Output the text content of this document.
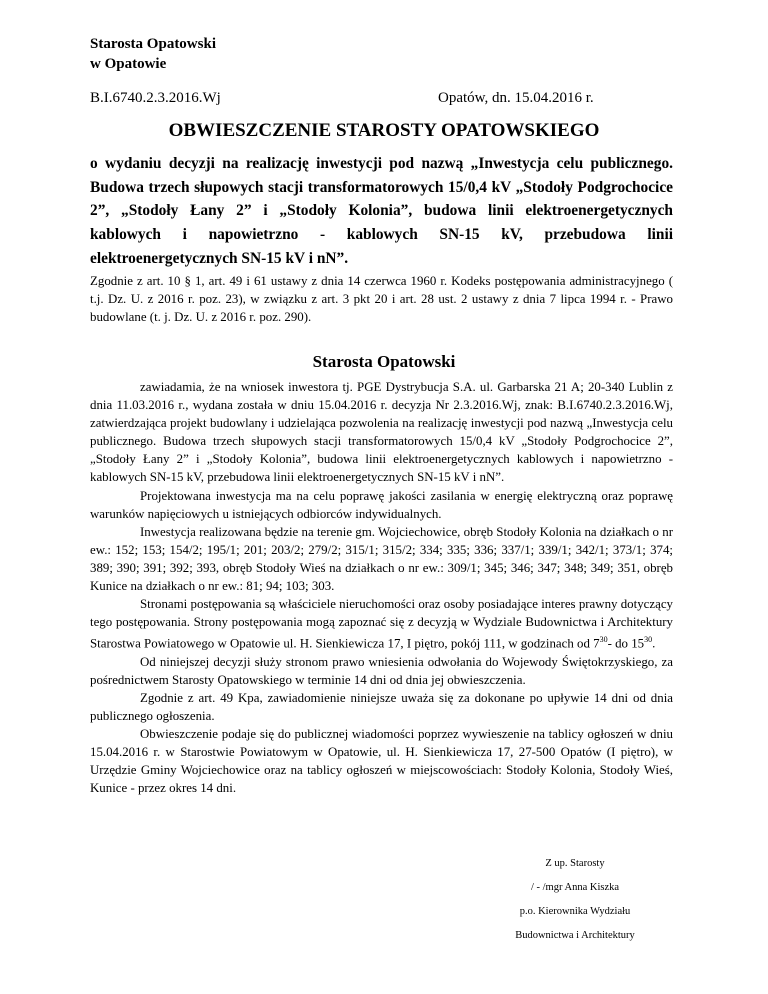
Starosta Opatowski
w Opatowie
B.I.6740.2.3.2016.Wj	Opatów, dn. 15.04.2016 r.
OBWIESZCZENIE STAROSTY OPATOWSKIEGO
o wydaniu decyzji na realizację inwestycji pod nazwą „Inwestycja celu publicznego. Budowa trzech słupowych stacji transformatorowych 15/0,4 kV „Stodoły Podgrochocice 2”, „Stodoły Łany 2” i „Stodoły Kolonia”, budowa linii elektroenergetycznych kablowych i napowietrzno - kablowych SN-15 kV, przebudowa linii elektroenergetycznych SN-15 kV i nN”.
Zgodnie z art. 10 § 1, art. 49 i 61 ustawy z dnia 14 czerwca 1960 r. Kodeks postępowania administracyjnego ( t.j. Dz. U. z 2016 r. poz. 23), w związku z art. 3 pkt 20 i art. 28 ust. 2 ustawy z dnia 7 lipca 1994 r. - Prawo budowlane (t. j. Dz. U. z 2016 r. poz. 290).
Starosta Opatowski

zawiadamia, że na wniosek inwestora tj. PGE Dystrybucja S.A. ul. Garbarska 21 A; 20-340 Lublin z dnia 11.03.2016 r., wydana została w dniu 15.04.2016 r. decyzja Nr 2.3.2016.Wj, znak: B.I.6740.2.3.2016.Wj, zatwierdzająca projekt budowlany i udzielająca pozwolenia na realizację inwestycji pod nazwą „Inwestycja celu publicznego. Budowa trzech słupowych stacji transformatorowych 15/0,4 kV „Stodoły Podgrochocice 2”, „Stodoły Łany 2” i „Stodoły Kolonia”, budowa linii elektroenergetycznych kablowych i napowietrzno - kablowych SN-15 kV, przebudowa linii elektroenergetycznych SN-15 kV i nN”.

Projektowana inwestycja ma na celu poprawę jakości zasilania w energię elektryczną oraz poprawę warunków napięciowych u istniejących odbiorców indywidualnych.

Inwestycja realizowana będzie na terenie gm. Wojciechowice, obręb Stodoły Kolonia na działkach o nr ew.: 152; 153; 154/2; 195/1; 201; 203/2; 279/2; 315/1; 315/2; 334; 335; 336; 337/1; 339/1; 342/1; 373/1; 374; 389; 390; 391; 392; 393, obręb Stodoły Wieś na działkach o nr ew.: 309/1; 345; 346; 347; 348; 349; 351, obręb Kunice na działkach o nr ew.: 81; 94; 103; 303.

Stronami postępowania są właściciele nieruchomości oraz osoby posiadające interes prawny dotyczący tego postępowania. Strony postępowania mogą zapoznać się z decyzją w Wydziale Budownictwa i Architektury Starostwa Powiatowego w Opatowie ul. H. Sienkiewicza 17, I piętro, pokój 111, w godzinach od $7^{30}-$ do $15^{30}$.

Od niniejszej decyzji służy stronom prawo wniesienia odwołania do Wojewody Świętokrzyskiego, za pośrednictwem Starosty Opatowskiego w terminie 14 dni od dnia jej obwieszczenia.

Zgodnie z art. 49 Kpa, zawiadomienie niniejsze uważa się za dokonane po upływie 14 dni od dnia publicznego ogłoszenia.

Obwieszczenie podaje się do publicznej wiadomości poprzez wywieszenie na tablicy ogłoszeń w dniu 15.04.2016 r. w Starostwie Powiatowym w Opatowie, ul. H. Sienkiewicza 17, 27-500 Opatów (I piętro), w Urzędzie Gminy Wojciechowice oraz na tablicy ogłoszeń w miejscowościach: Stodoły Kolonia, Stodoły Wieś, Kunice - przez okres 14 dni.

Z up. Starosty
/ - /mgr Anna Kiszka
p.o. Kierownika Wydziału
Budownictwa i Architektury
